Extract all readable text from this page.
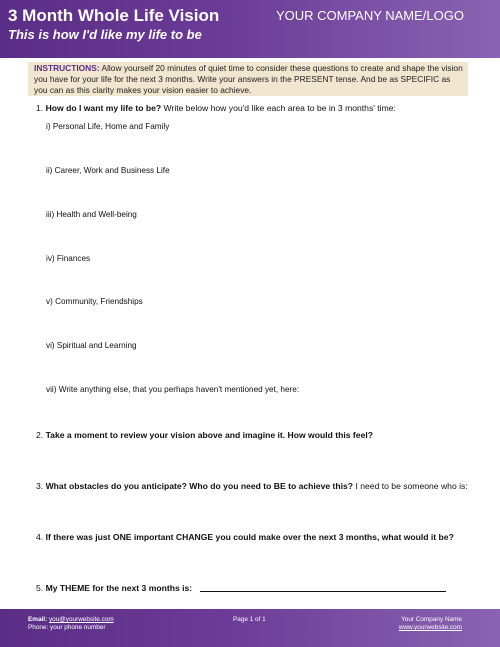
3 Month Whole Life Vision
This is how I'd like my life to be
YOUR COMPANY NAME/LOGO
INSTRUCTIONS: Allow yourself 20 minutes of quiet time to consider these questions to create and shape the vision you have for your life for the next 3 months. Write your answers in the PRESENT tense. And be as SPECIFIC as you can as this clarity makes your vision easier to achieve.
1. How do I want my life to be? Write below how you'd like each area to be in 3 months' time:
i) Personal Life, Home and Family
ii) Career, Work and Business Life
iii) Health and Well-being
iv) Finances
v) Community, Friendships
vi) Spiritual and Learning
vii) Write anything else, that you perhaps haven't mentioned yet, here:
2. Take a moment to review your vision above and imagine it. How would this feel?
3. What obstacles do you anticipate? Who do you need to BE to achieve this? I need to be someone who is:
4. If there was just ONE important CHANGE you could make over the next 3 months, what would it be?
5. My THEME for the next 3 months is:
Email: you@yourwebsite.com
Phone: your phone number
Page 1 of 1	Your Company Name
www.yourwebsite.com
